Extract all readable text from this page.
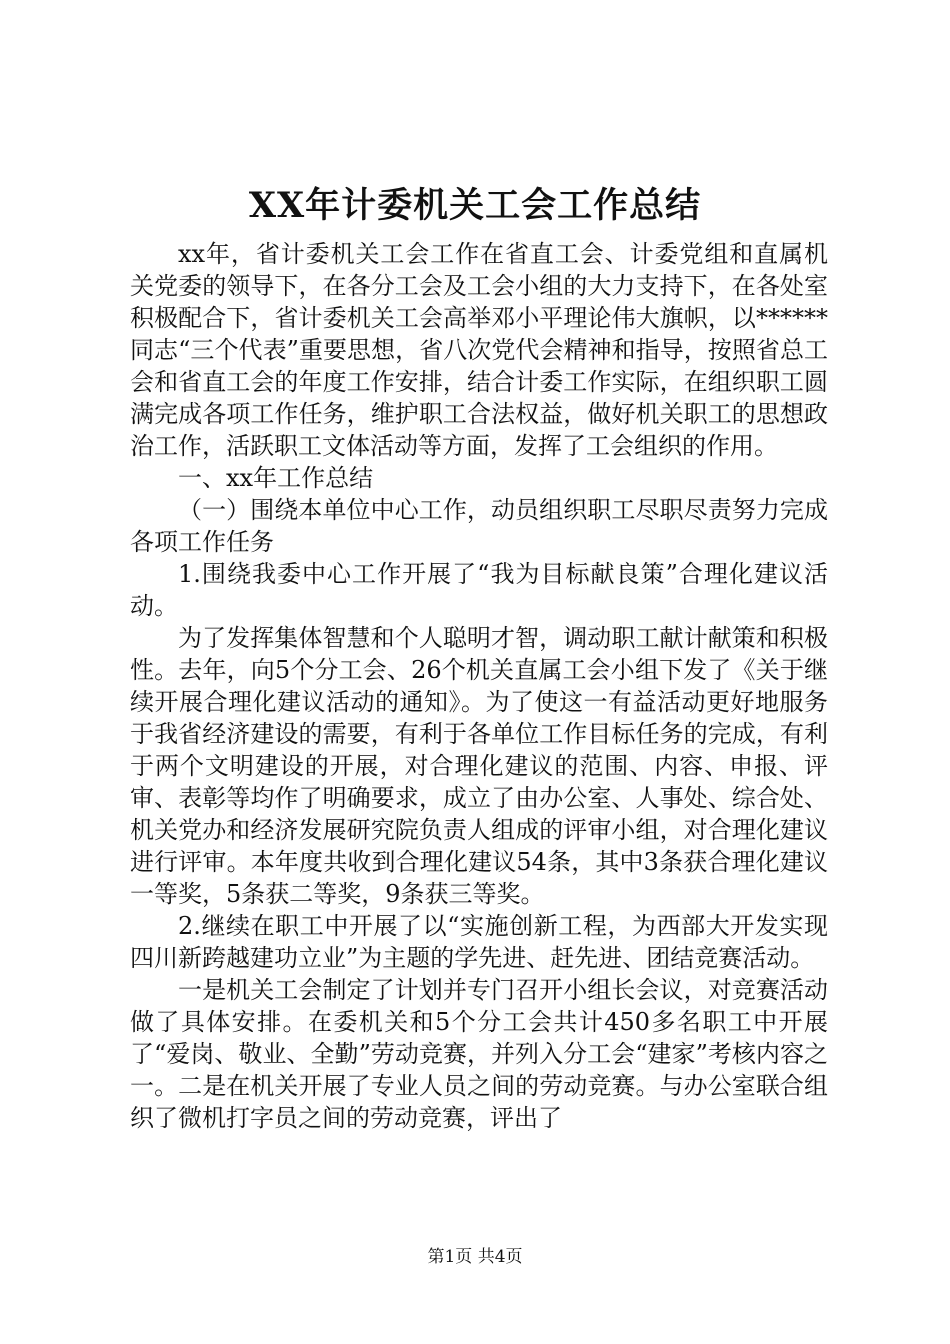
XX年计委机关工会工作总结

xx年，省计委机关工会工作在省直工会、计委党组和直属机关党委的领导下，在各分工会及工会小组的大力支持下，在各处室积极配合下，省计委机关工会高举邓小平理论伟大旗帜，以******同志“三个代表”重要思想，省八次党代会精神和指导，按照省总工会和省直工会的年度工作安排，结合计委工作实际，在组织职工圆满完成各项工作任务，维护职工合法权益，做好机关职工的思想政治工作，活跃职工文体活动等方面，发挥了工会组织的作用。

一、xx年工作总结

（一）围绕本单位中心工作，动员组织职工尽职尽责努力完成各项工作任务

1.围绕我委中心工作开展了“我为目标献良策”合理化建议活动。

为了发挥集体智慧和个人聪明才智，调动职工献计献策和积极性。去年，向5个分工会、26个机关直属工会小组下发了《关于继续开展合理化建议活动的通知》。为了使这一有益活动更好地服务于我省经济建设的需要，有利于各单位工作目标任务的完成，有利于两个文明建设的开展，对合理化建议的范围、内容、申报、评审、表彰等均作了明确要求，成立了由办公室、人事处、综合处、机关党办和经济发展研究院负责人组成的评审小组，对合理化建议进行评审。本年度共收到合理化建议54条，其中3条获合理化建议一等奖，5条获二等奖，9条获三等奖。

2.继续在职工中开展了以“实施创新工程，为西部大开发实现四川新跨越建功立业”为主题的学先进、赶先进、团结竞赛活动。

一是机关工会制定了计划并专门召开小组长会议，对竞赛活动做了具体安排。在委机关和5个分工会共计450多名职工中开展了“爱岗、敬业、全勤”劳动竞赛，并列入分工会“建家”考核内容之一。二是在机关开展了专业人员之间的劳动竞赛。与办公室联合组织了微机打字员之间的劳动竞赛，评出了

第1页 共4页
